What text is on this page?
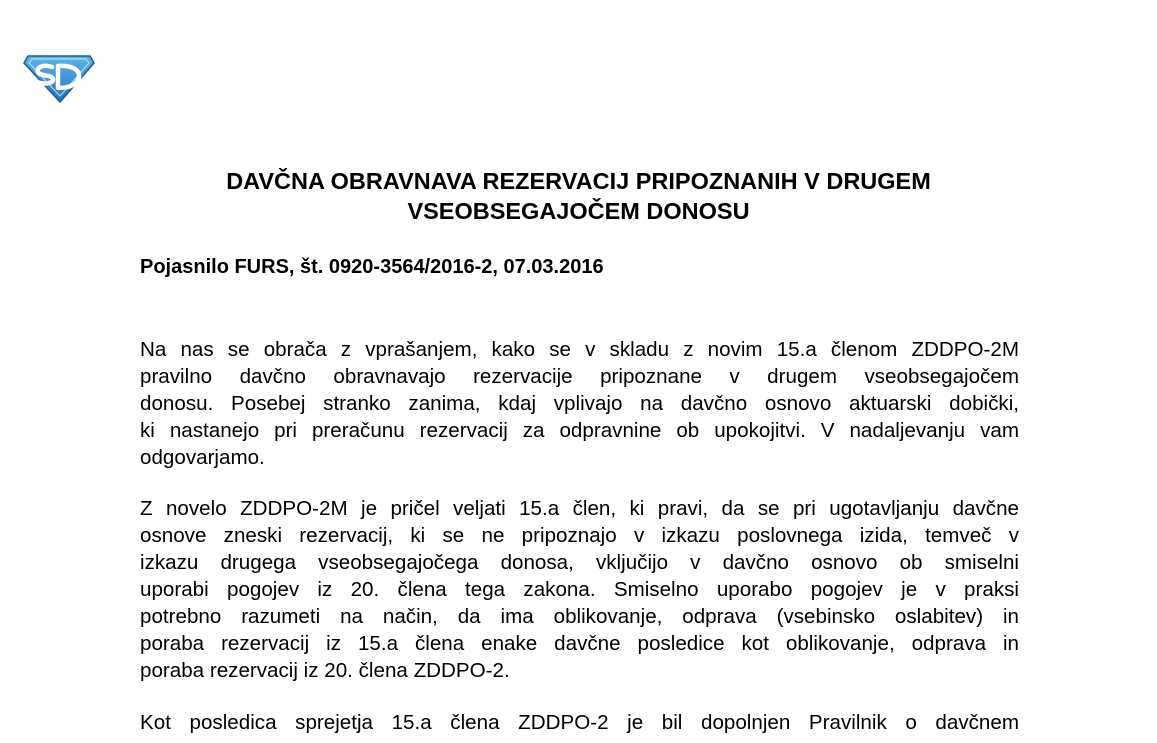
DAVČNA OBRAVNAVA REZERVACIJ PRIPOZNANIH V DRUGEM
VSEOBSEGAJOČEM DONOSU

Pojasnilo FURS, št. 0920-3564/2016-2, 07.03.2016

Na nas se obrača z vprašanjem, kako se v skladu z novim 15.a členom ZDDPO-2M
pravilno davčno obravnavajo rezervacije pripoznane v drugem vseobsegajočem
donosu. Posebej stranko zanima, kdaj vplivajo na davčno osnovo aktuarski dobički,
ki nastanejo pri preračunu rezervacij za odpravnine ob upokojitvi. V nadaljevanju vam
odgovarjamo.
Z novelo ZDDPO-2M je pričel veljati 15.a člen, ki pravi, da se pri ugotavljanju davčne
osnove zneski rezervacij, ki se ne pripoznajo v izkazu poslovnega izida, temveč v
izkazu drugega vseobsegajočega donosa, vključijo v davčno osnovo ob smiselni
uporabi pogojev iz 20. člena tega zakona. Smiselno uporabo pogojev je v praksi
potrebno razumeti na način, da ima oblikovanje, odprava (vsebinsko oslabitev) in
poraba rezervacij iz 15.a člena enake davčne posledice kot oblikovanje, odprava in
poraba rezervacij iz 20. člena ZDDPO-2.
Kot posledica sprejetja 15.a člena ZDDPO-2 je bil dopolnjen Pravilnik o davčnem
